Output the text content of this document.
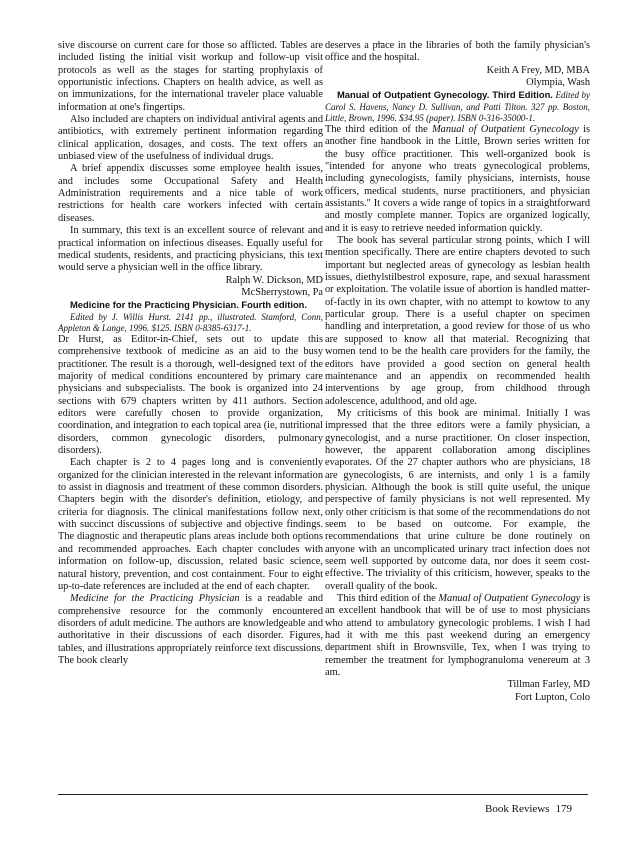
sive discourse on current care for those so afflicted. Tables are included listing the initial visit workup and follow-up visit protocols as well as the stages for starting prophylaxis of opportunistic infections. Chapters on health advice, as well as on immunizations, for the international traveler place valuable information at one's fingertips.

Also included are chapters on individual antiviral agents and antibiotics, with extremely pertinent information regarding clinical application, dosages, and costs. The text offers an unbiased view of the usefulness of individual drugs.

A brief appendix discusses some employee health issues, and includes some Occupational Safety and Health Administration requirements and a nice table of work restrictions for health care workers infected with certain diseases.

In summary, this text is an excellent source of relevant and practical information on infectious diseases. Equally useful for medical students, residents, and practicing physicians, this text would serve a physician well in the office library.

Ralph W. Dickson, MD

McSherrystown, Pa

Medicine for the Practicing Physician. Fourth edition.

Edited by J. Willis Hurst. 2141 pp., illustrated. Stamford, Conn, Appleton & Lange, 1996. $125. ISBN 0-8385-6317-1.

Dr Hurst, as Editor-in-Chief, sets out to update this comprehensive textbook of medicine as an aid to the busy practitioner. The result is a thorough, well-designed text of the majority of medical conditions encountered by primary care physicians and subspecialists. The book is organized into 24 sections with 679 chapters written by 411 authors. Section editors were carefully chosen to provide organization, coordination, and integration to each topical area (ie, nutritional disorders, common gynecologic disorders, pulmonary disorders).

Each chapter is 2 to 4 pages long and is conveniently organized for the clinician interested in the relevant information to assist in diagnosis and treatment of these common disorders. Chapters begin with the disorder's definition, etiology, and criteria for diagnosis. The clinical manifestations follow next, with succinct discussions of subjective and objective findings. The diagnostic and therapeutic plans areas include both options and recommended approaches. Each chapter concludes with information on follow-up, discussion, related basic science, natural history, prevention, and cost containment. Four to eight up-to-date references are included at the end of each chapter.

Medicine for the Practicing Physician is a readable and comprehensive resource for the commonly encountered disorders of adult medicine. The authors are knowledgeable and authoritative in their discussions of each disorder. Figures, tables, and illustrations appropriately reinforce text discussions. The book clearly

deserves a place in the libraries of both the family physician's office and the hospital.

Keith A Frey, MD, MBA

Olympia, Wash

Manual of Outpatient Gynecology. Third Edition. Edited by Carol S. Havens, Nancy D. Sullivan, and Patti Tilton. 327 pp. Boston, Little, Brown, 1996. $34.95 (paper). ISBN 0-316-35000-1.

The third edition of the Manual of Outpatient Gynecology is another fine handbook in the Little, Brown series written for the busy office practitioner. This well-organized book is "intended for anyone who treats gynecological problems, including gynecologists, family physicians, internists, house officers, medical students, nurse practitioners, and physician assistants." It covers a wide range of topics in a straightforward and mostly complete manner. Topics are organized logically, and it is easy to retrieve needed information quickly.

The book has several particular strong points, which I will mention specifically. There are entire chapters devoted to such important but neglected areas of gynecology as lesbian health issues, diethylstilbestrol exposure, rape, and sexual harassment or exploitation. The volatile issue of abortion is handled matter-of-factly in its own chapter, with no attempt to kowtow to any particular group. There is a useful chapter on specimen handling and interpretation, a good review for those of us who are supposed to know all that material. Recognizing that women tend to be the health care providers for the family, the editors have provided a good section on general health maintenance and an appendix on recommended health interventions by age group, from childhood through adolescence, adulthood, and old age.

My criticisms of this book are minimal. Initially I was impressed that the three editors were a family physician, a gynecologist, and a nurse practitioner. On closer inspection, however, the apparent collaboration among disciplines evaporates. Of the 27 chapter authors who are physicians, 18 are gynecologists, 6 are internists, and only 1 is a family physician. Although the book is still quite useful, the unique perspective of family physicians is not well represented. My only other criticism is that some of the recommendations do not seem to be based on outcome. For example, the recommendations that urine culture be done routinely on anyone with an uncomplicated urinary tract infection does not seem well supported by outcome data, nor does it seem cost-effective. The triviality of this criticism, however, speaks to the overall quality of the book.

This third edition of the Manual of Outpatient Gynecology is an excellent handbook that will be of use to most physicians who attend to ambulatory gynecologic problems. I wish I had had it with me this past weekend during an emergency department shift in Brownsville, Tex, when I was trying to remember the treatment for lymphogranuloma venereum at 3 am.

Tillman Farley, MD

Fort Lupton, Colo

Book Reviews 179
